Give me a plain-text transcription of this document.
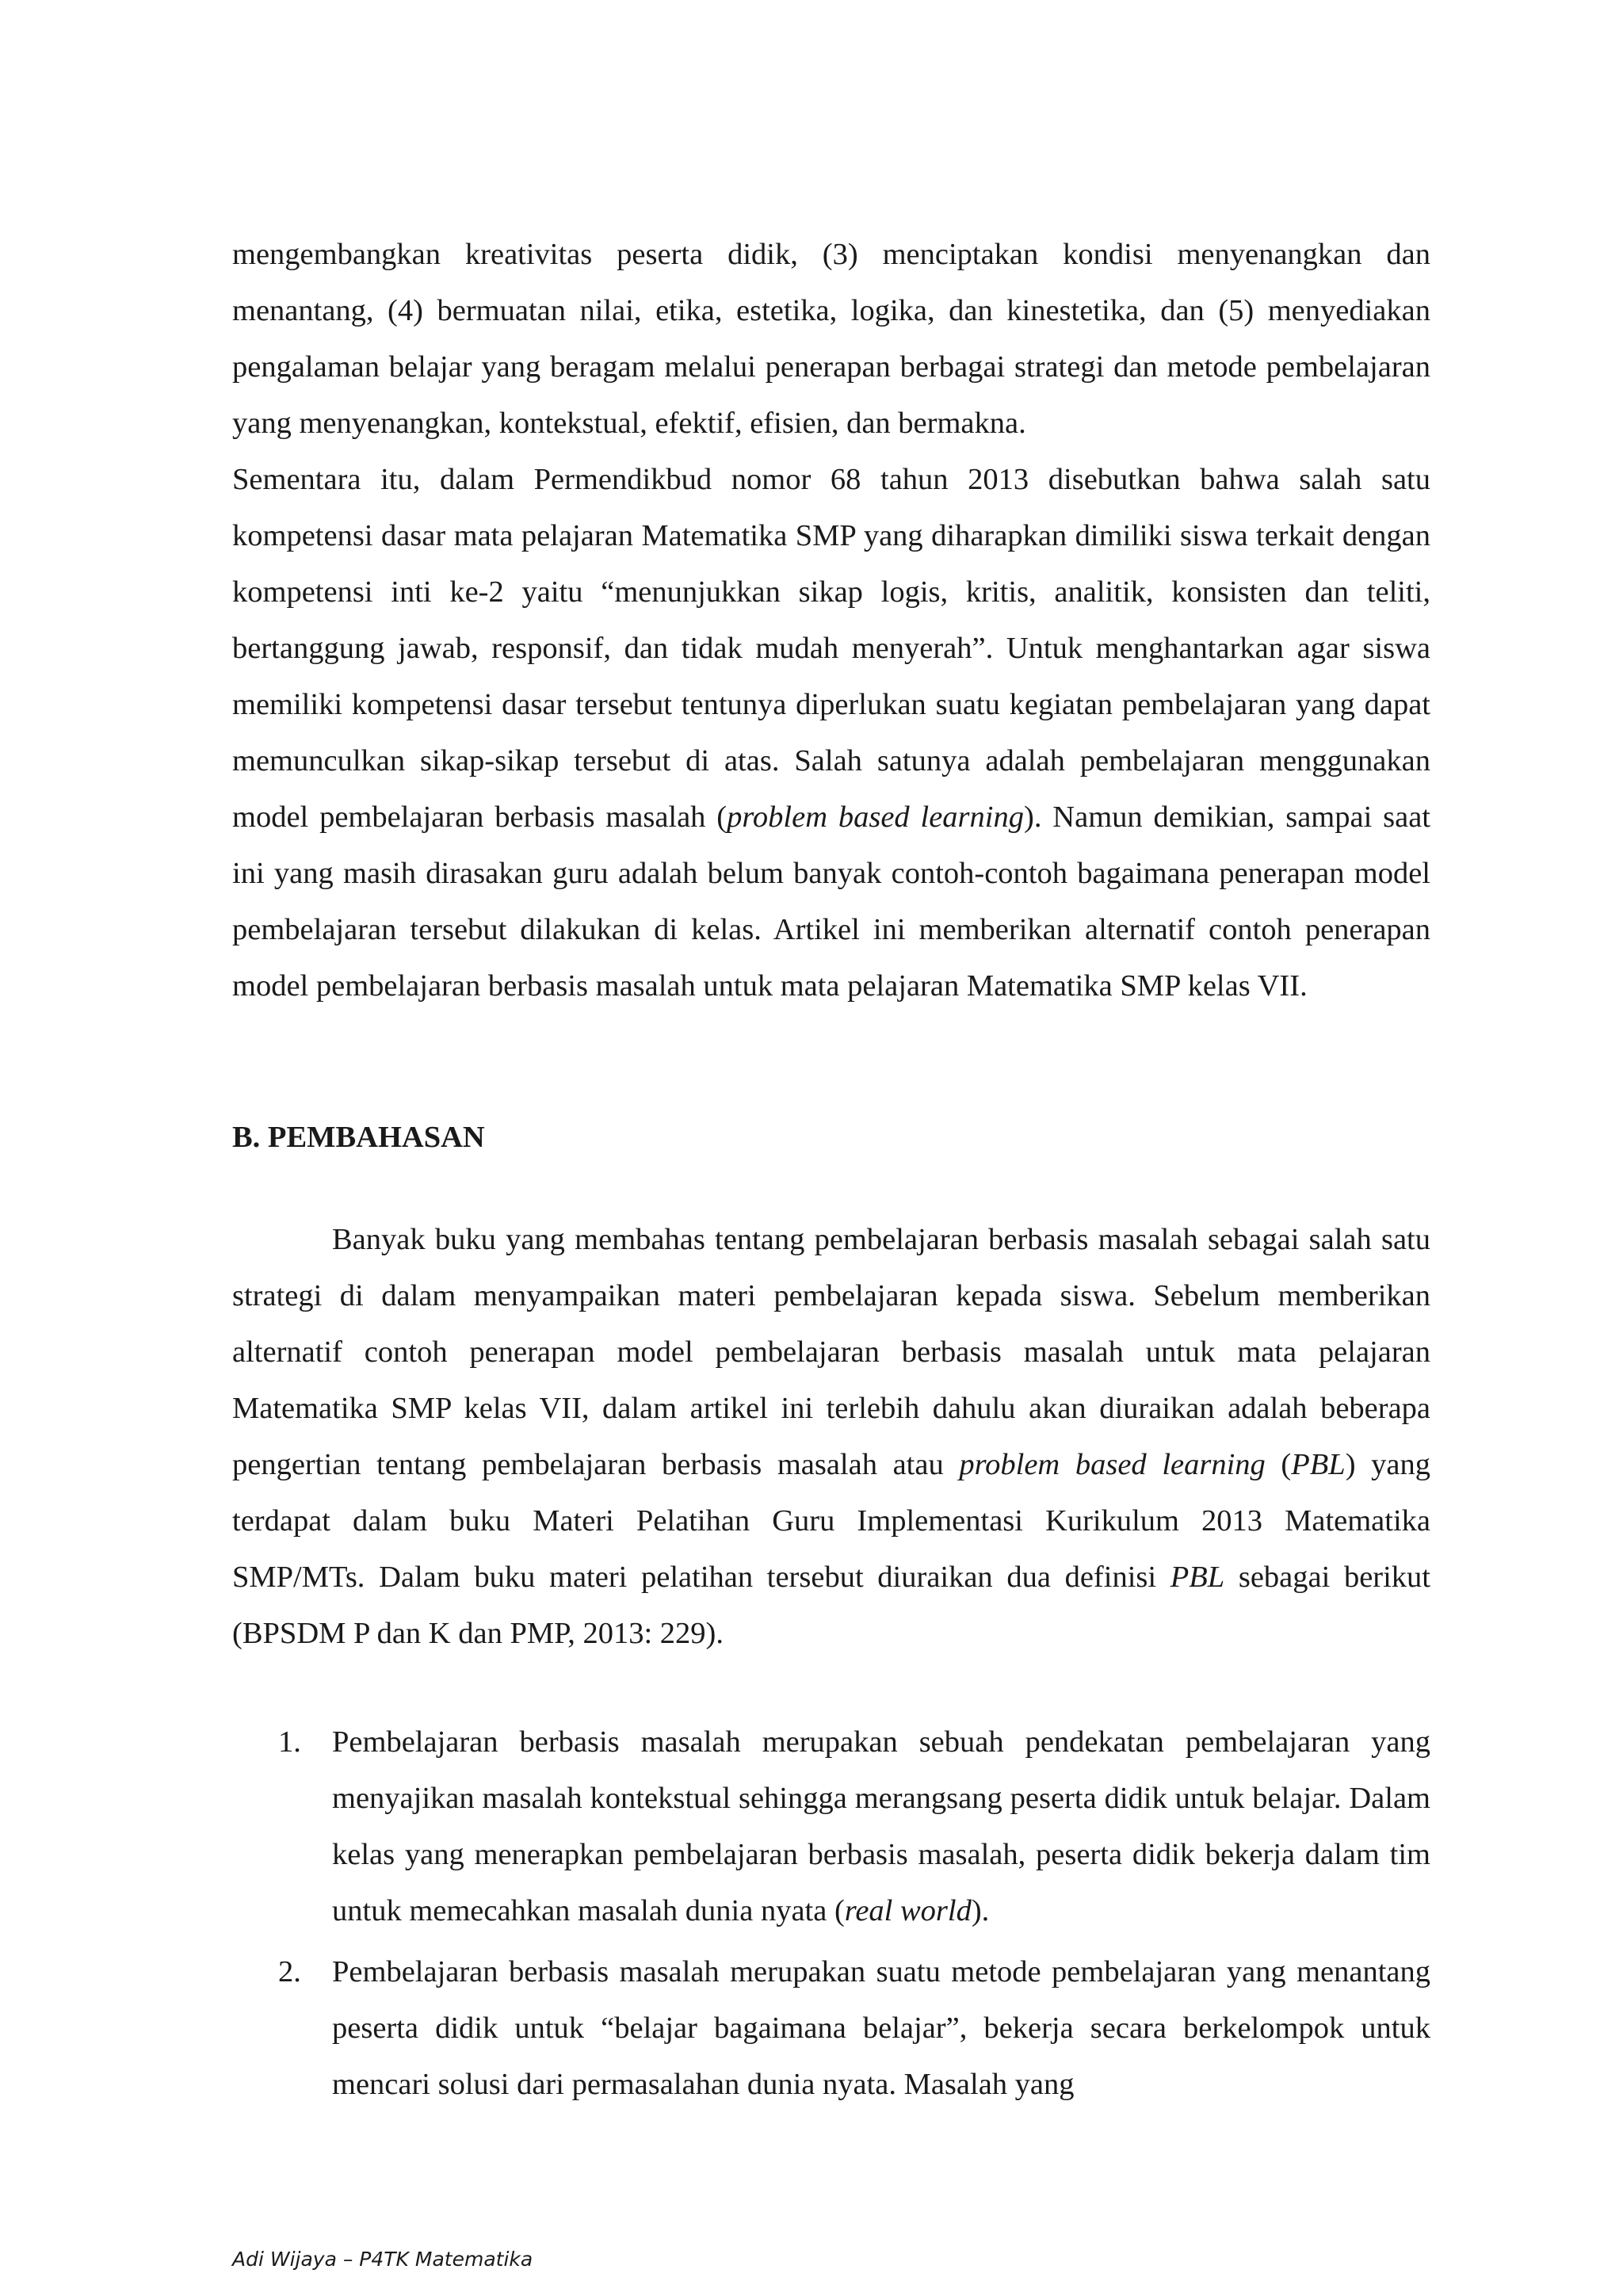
mengembangkan kreativitas peserta didik, (3) menciptakan kondisi menyenangkan dan menantang, (4) bermuatan nilai, etika, estetika, logika, dan kinestetika, dan (5) menyediakan pengalaman belajar yang beragam melalui penerapan berbagai strategi dan metode pembelajaran yang menyenangkan, kontekstual, efektif, efisien, dan bermakna.

Sementara itu, dalam Permendikbud nomor 68 tahun 2013 disebutkan bahwa salah satu kompetensi dasar mata pelajaran Matematika SMP yang diharapkan dimiliki siswa terkait dengan kompetensi inti ke-2 yaitu “menunjukkan sikap logis, kritis, analitik, konsisten dan teliti, bertanggung jawab, responsif, dan tidak mudah menyerah”. Untuk menghantarkan agar siswa memiliki kompetensi dasar tersebut tentunya diperlukan suatu kegiatan pembelajaran yang dapat memunculkan sikap-sikap tersebut di atas. Salah satunya adalah pembelajaran menggunakan model pembelajaran berbasis masalah (problem based learning). Namun demikian, sampai saat ini yang masih dirasakan guru adalah belum banyak contoh-contoh bagaimana penerapan model pembelajaran tersebut dilakukan di kelas. Artikel ini memberikan alternatif contoh penerapan model pembelajaran berbasis masalah untuk mata pelajaran Matematika SMP kelas VII.

B. PEMBAHASAN

Banyak buku yang membahas tentang pembelajaran berbasis masalah sebagai salah satu strategi di dalam menyampaikan materi pembelajaran kepada siswa. Sebelum memberikan alternatif contoh penerapan model pembelajaran berbasis masalah untuk mata pelajaran Matematika SMP kelas VII, dalam artikel ini terlebih dahulu akan diuraikan adalah beberapa pengertian tentang pembelajaran berbasis masalah atau problem based learning (PBL) yang terdapat dalam buku Materi Pelatihan Guru Implementasi Kurikulum 2013 Matematika SMP/MTs. Dalam buku materi pelatihan tersebut diuraikan dua definisi PBL sebagai berikut (BPSDM P dan K dan PMP, 2013: 229).

1. Pembelajaran berbasis masalah merupakan sebuah pendekatan pembelajaran yang menyajikan masalah kontekstual sehingga merangsang peserta didik untuk belajar. Dalam kelas yang menerapkan pembelajaran berbasis masalah, peserta didik bekerja dalam tim untuk memecahkan masalah dunia nyata (real world).

2. Pembelajaran berbasis masalah merupakan suatu metode pembelajaran yang menantang peserta didik untuk “belajar bagaimana belajar”, bekerja secara berkelompok untuk mencari solusi dari permasalahan dunia nyata. Masalah yang

Adi Wijaya – P4TK Matematika
